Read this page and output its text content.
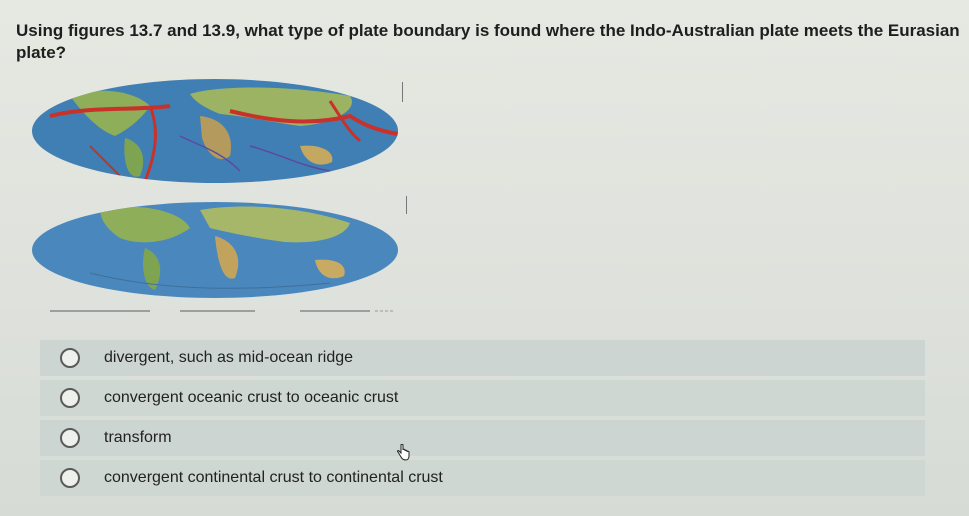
Using figures 13.7 and 13.9, what type of plate boundary is found where the Indo-Australian plate meets the Eurasian plate?
divergent, such as mid-ocean ridge
convergent oceanic crust to oceanic crust
transform
convergent continental crust to continental crust
